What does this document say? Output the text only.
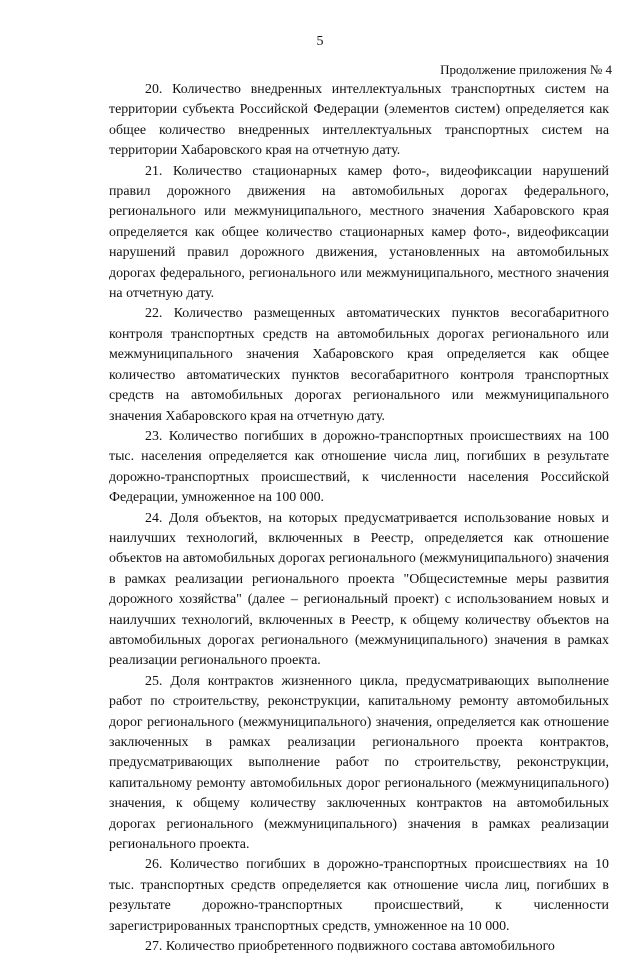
5
Продолжение приложения № 4

20. Количество внедренных интеллектуальных транспортных систем на территории субъекта Российской Федерации (элементов систем) определяется как общее количество внедренных интеллектуальных транспортных систем на территории Хабаровского края на отчетную дату.

21. Количество стационарных камер фото-, видеофиксации нарушений правил дорожного движения на автомобильных дорогах федерального, регионального или межмуниципального, местного значения Хабаровского края определяется как общее количество стационарных камер фото-, видеофиксации нарушений правил дорожного движения, установленных на автомобильных дорогах федерального, регионального или межмуниципального, местного значения на отчетную дату.

22. Количество размещенных автоматических пунктов весогабаритного контроля транспортных средств на автомобильных дорогах регионального или межмуниципального значения Хабаровского края определяется как общее количество автоматических пунктов весогабаритного контроля транспортных средств на автомобильных дорогах регионального или межмуниципального значения Хабаровского края на отчетную дату.

23. Количество погибших в дорожно-транспортных происшествиях на 100 тыс. населения определяется как отношение числа лиц, погибших в результате дорожно-транспортных происшествий, к численности населения Российской Федерации, умноженное на 100 000.

24. Доля объектов, на которых предусматривается использование новых и наилучших технологий, включенных в Реестр, определяется как отношение объектов на автомобильных дорогах регионального (межмуниципального) значения в рамках реализации регионального проекта "Общесистемные меры развития дорожного хозяйства" (далее – региональный проект) с использованием новых и наилучших технологий, включенных в Реестр, к общему количеству объектов на автомобильных дорогах регионального (межмуниципального) значения в рамках реализации регионального проекта.

25. Доля контрактов жизненного цикла, предусматривающих выполнение работ по строительству, реконструкции, капитальному ремонту автомобильных дорог регионального (межмуниципального) значения, определяется как отношение заключенных в рамках реализации регионального проекта контрактов, предусматривающих выполнение работ по строительству, реконструкции, капитальному ремонту автомобильных дорог регионального (межмуниципального) значения, к общему количеству заключенных контрактов на автомобильных дорогах регионального (межмуниципального) значения в рамках реализации регионального проекта.

26. Количество погибших в дорожно-транспортных происшествиях на 10 тыс. транспортных средств определяется как отношение числа лиц, погибших в результате дорожно-транспортных происшествий, к численности зарегистрированных транспортных средств, умноженное на 10 000.

27. Количество приобретенного подвижного состава автомобильного
